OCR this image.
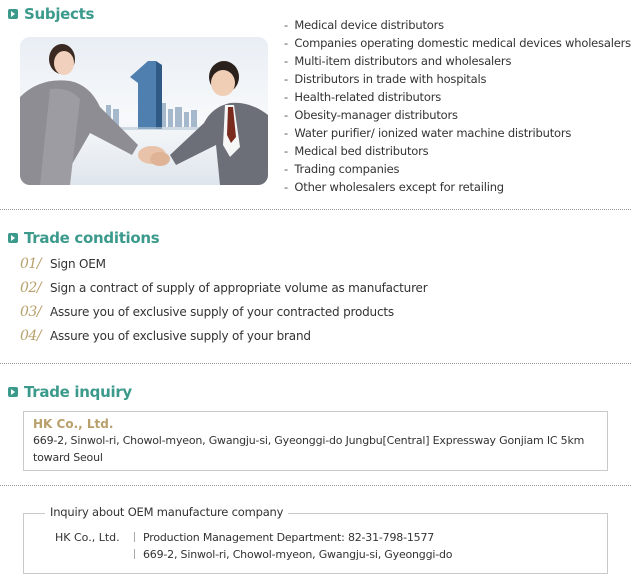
Subjects
- Medical device distributors
- Companies operating domestic medical devices wholesalers
- Multi-item distributors and wholesalers
- Distributors in trade with hospitals
- Health-related distributors
- Obesity-manager distributors
- Water purifier/ ionized water machine distributors
- Medical bed distributors
- Trading companies
- Other wholesalers except for retailing
Trade conditions
01/ Sign OEM
02/ Sign a contract of supply of appropriate volume as manufacturer
03/ Assure you of exclusive supply of your contracted products
04/ Assure you of exclusive supply of your brand
Trade inquiry
HK Co., Ltd.
669-2, Sinwol-ri, Chowol-myeon, Gwangju-si, Gyeonggi-do Jungbu[Central] Expressway Gonjiam IC 5km toward Seoul
Inquiry about OEM manufacture company
HK Co., Ltd.	Production Management Department: 82-31-798-1577
669-2, Sinwol-ri, Chowol-myeon, Gwangju-si, Gyeonggi-do
